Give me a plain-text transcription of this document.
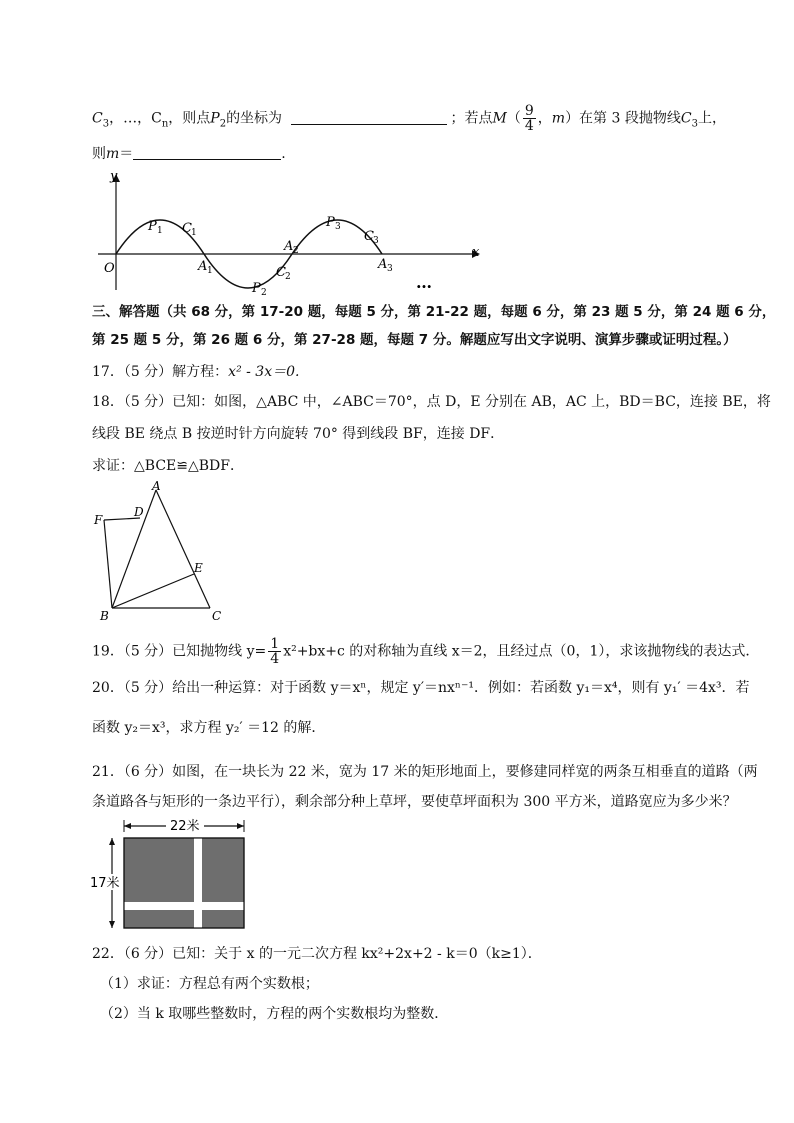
$C_3$，…，$C_n$，则点$P_2$的坐标为	；若点$M( \frac{9}{4}$ ，m）在第 3 段抛物线$C_3$上，
则m＝	.
y
x
O
P 1 C 1
A 1
P 2
C 2
A 2
P 3
C 3
A 3
…
三、解答题（共 68 分，第 17-20 题，每题 5 分，第 21-22 题，每题 6 分，第 23 题 5 分，第 24 题 6 分，
第 25 题 5 分，第 26 题 6 分，第 27-28 题，每题 7 分。解题应写出文字说明、演算步骤或证明过程。）
17．（5 分）解方程：x² - 3x＝0.
18．（5 分）已知：如图，△ABC 中，∠ABC＝70°，点 D，E 分别在 AB，AC 上，BD＝BC，连接 BE，将
线段 BE 绕点 B 按逆时针方向旋转 70° 得到线段 BF，连接 DF．
求证：△BCE≌△BDF．
A
B	C
D
E
F
19．（5 分）已知抛物线 $y= \frac{1}{4} x^2+bx+c$ 的对称轴为直线 x＝2，且经过点（0，1），求该抛物线的表达式．
20．（5 分）给出一种运算：对于函数 y＝xⁿ，规定 y′＝nxⁿ⁻¹．例如：若函数 y₁＝x⁴，则有 y₁′ ＝4x³．若
函数 y₂＝x³，求方程 y₂′ ＝12 的解．
21．（6 分）如图，在一块长为 22 米，宽为 17 米的矩形地面上，要修建同样宽的两条互相垂直的道路（两
条道路各与矩形的一条边平行），剩余部分种上草坪，要使草坪面积为 300 平方米，道路宽应为多少米？
22米
17米
22．（6 分）已知：关于 x 的一元二次方程 kx²+2x+2 - k＝0（k≥1）．
（1）求证：方程总有两个实数根；
（2）当 k 取哪些整数时，方程的两个实数根均为整数．
